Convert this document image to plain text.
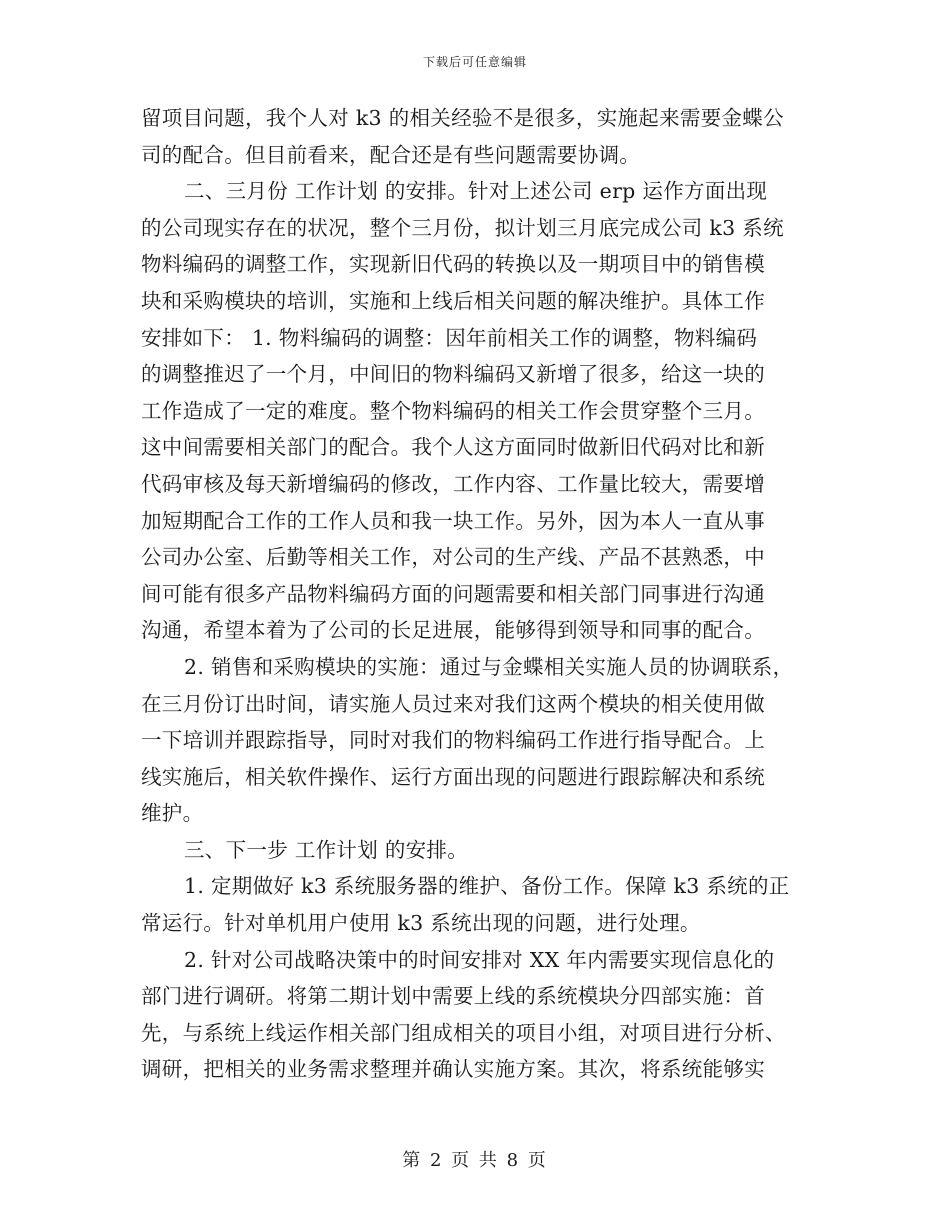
下载后可任意编辑
留项目问题，我个人对 k3 的相关经验不是很多，实施起来需要金蝶公
司的配合。但目前看来，配合还是有些问题需要协调。
二、三月份 工作计划 的安排。针对上述公司 erp 运作方面出现
的公司现实存在的状况，整个三月份，拟计划三月底完成公司 k3 系统
物料编码的调整工作，实现新旧代码的转换以及一期项目中的销售模
块和采购模块的培训，实施和上线后相关问题的解决维护。具体工作
安排如下： 1. 物料编码的调整：因年前相关工作的调整，物料编码
的调整推迟了一个月，中间旧的物料编码又新增了很多，给这一块的
工作造成了一定的难度。整个物料编码的相关工作会贯穿整个三月。
这中间需要相关部门的配合。我个人这方面同时做新旧代码对比和新
代码审核及每天新增编码的修改，工作内容、工作量比较大，需要增
加短期配合工作的工作人员和我一块工作。另外，因为本人一直从事
公司办公室、后勤等相关工作，对公司的生产线、产品不甚熟悉，中
间可能有很多产品物料编码方面的问题需要和相关部门同事进行沟通
沟通，希望本着为了公司的长足进展，能够得到领导和同事的配合。
2. 销售和采购模块的实施：通过与金蝶相关实施人员的协调联系，
在三月份订出时间，请实施人员过来对我们这两个模块的相关使用做
一下培训并跟踪指导，同时对我们的物料编码工作进行指导配合。上
线实施后，相关软件操作、运行方面出现的问题进行跟踪解决和系统
维护。
三、下一步 工作计划 的安排。
1. 定期做好 k3 系统服务器的维护、备份工作。保障 k3 系统的正
常运行。针对单机用户使用 k3 系统出现的问题，进行处理。
2. 针对公司战略决策中的时间安排对 XX 年内需要实现信息化的
部门进行调研。将第二期计划中需要上线的系统模块分四部实施：首
先，与系统上线运作相关部门组成相关的项目小组，对项目进行分析、
调研，把相关的业务需求整理并确认实施方案。其次，将系统能够实
第 2 页 共 8 页
